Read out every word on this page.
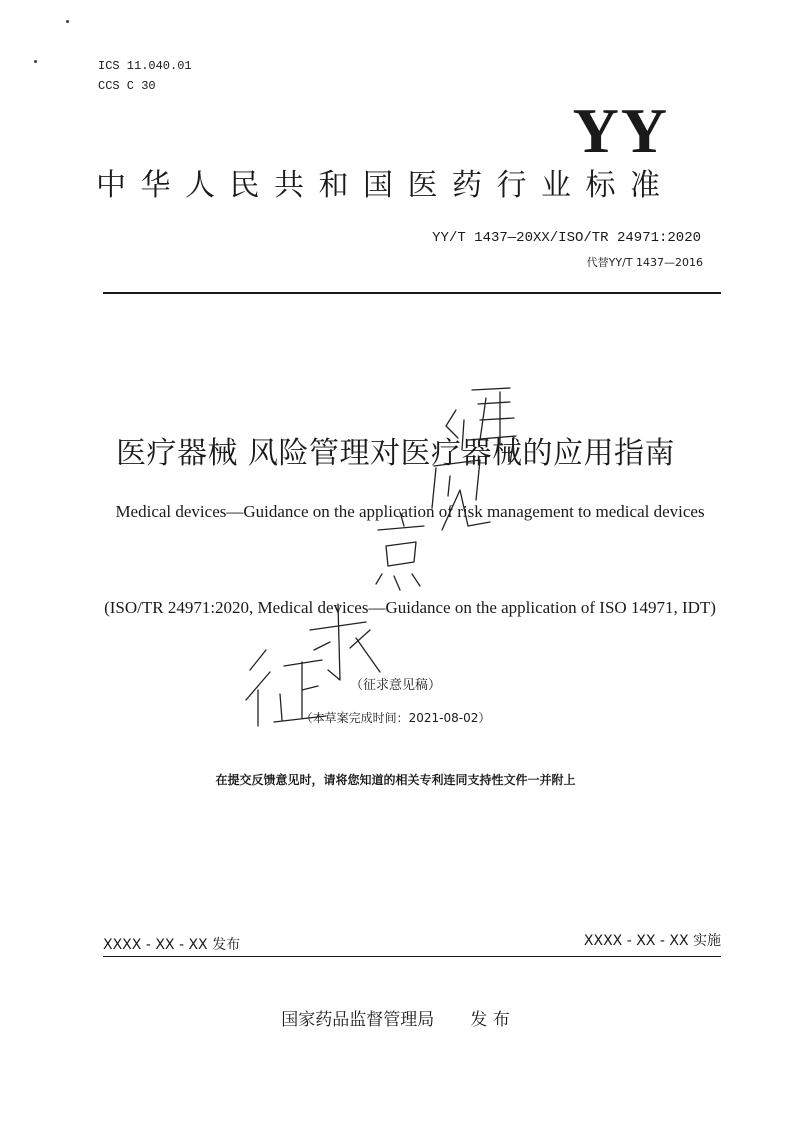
ICS 11.040.01
CCS C 30
YY
中华人民共和国医药行业标准
YY/T 1437—20XX/ISO/TR 24971:2020
代替YY/T 1437—2016
医疗器械 风险管理对医疗器械的应用指南
Medical devices—Guidance on the application of risk management to medical devices
(ISO/TR 24971:2020, Medical devices—Guidance on the application of ISO 14971, IDT)
（征求意见稿）
（本草案完成时间：2021-08-02）
在提交反馈意见时，请将您知道的相关专利连同支持性文件一并附上
XXXX - XX - XX 发布	XXXX - XX - XX 实施
国家药品监督管理局 发 布
